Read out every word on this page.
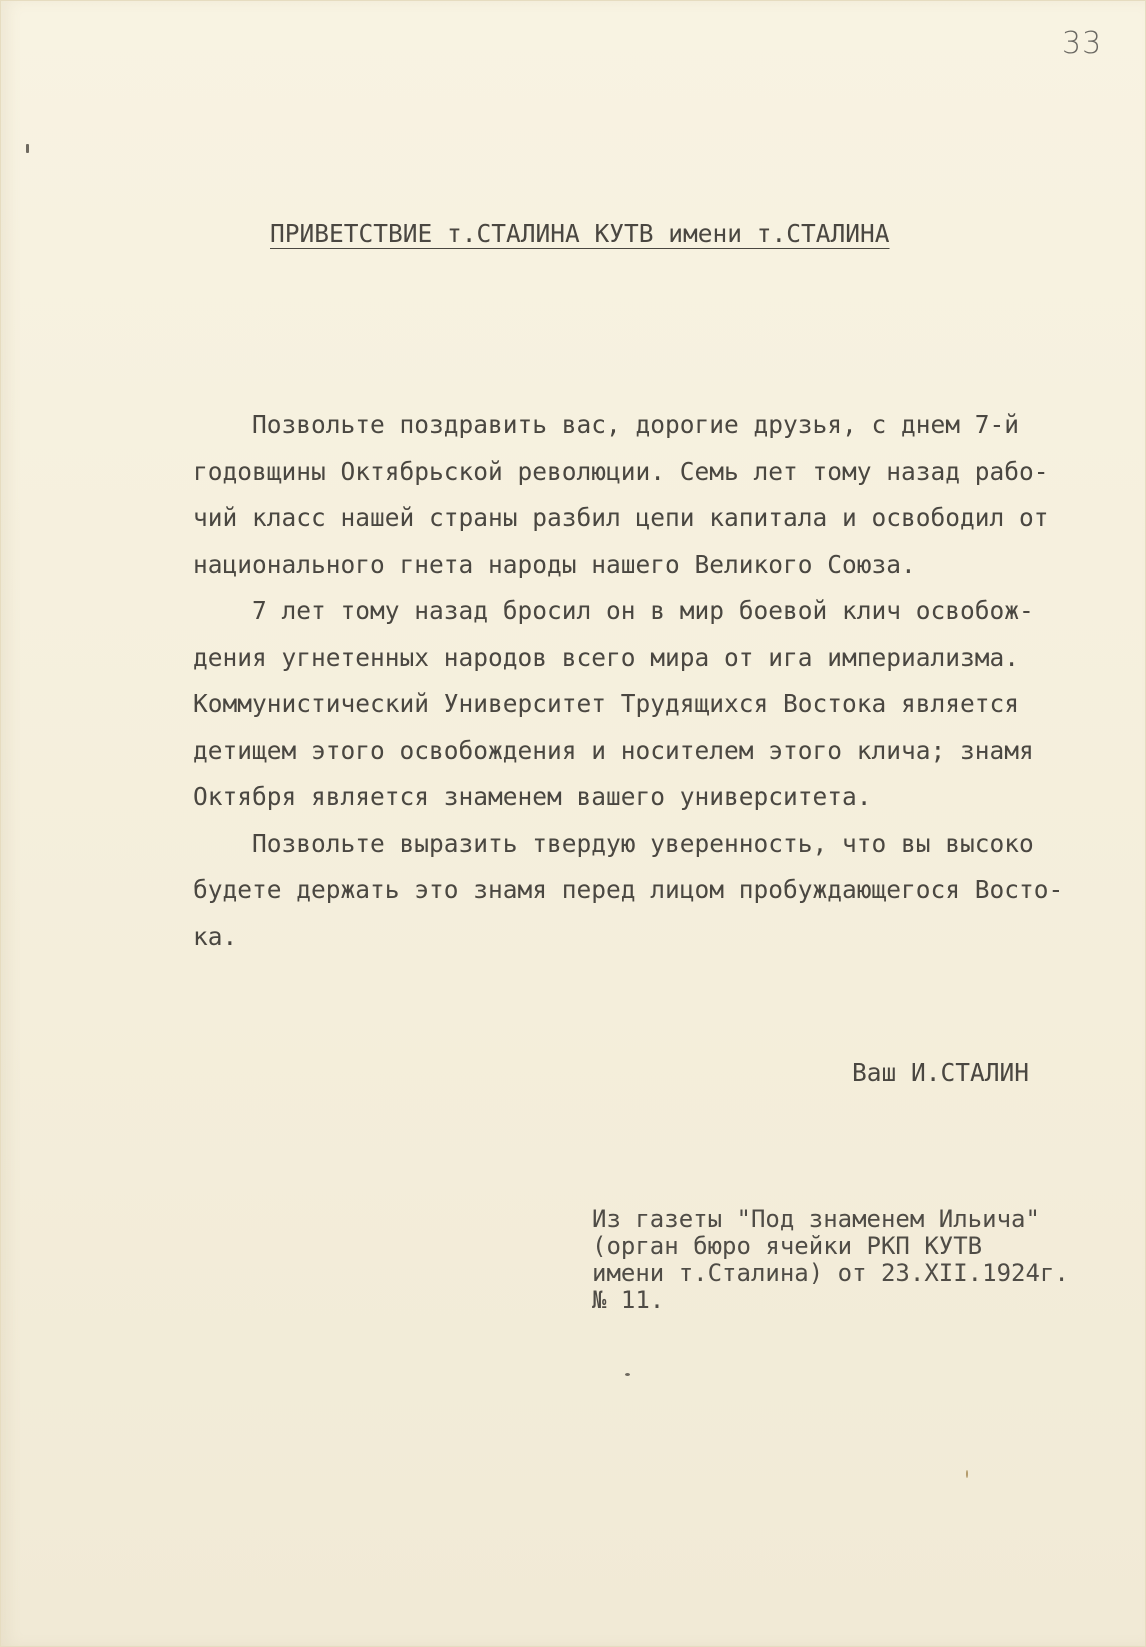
33
ПРИВЕТСТВИЕ т.СТАЛИНА КУТВ имени т.СТАЛИНА
Позвольте поздравить вас, дорогие друзья, с днем 7-й
годовщины Октябрьской революции. Семь лет тому назад рабо-
чий класс нашей страны разбил цепи капитала и освободил от
национального гнета народы нашего Великого Союза.
7 лет тому назад бросил он в мир боевой клич освобож-
дения угнетенных народов всего мира от ига империализма.
Коммунистический Университет Трудящихся Востока является
детищем этого освобождения и носителем этого клича; знамя
Октября является знаменем вашего университета.
Позвольте выразить твердую уверенность, что вы высоко
будете держать это знамя перед лицом пробуждающегося Восто-
ка.
Ваш И.СТАЛИН
Из газеты "Под знаменем Ильича"
(орган бюро ячейки РКП КУТВ
имени т.Сталина) от 23.XII.1924г.
№ 11.
